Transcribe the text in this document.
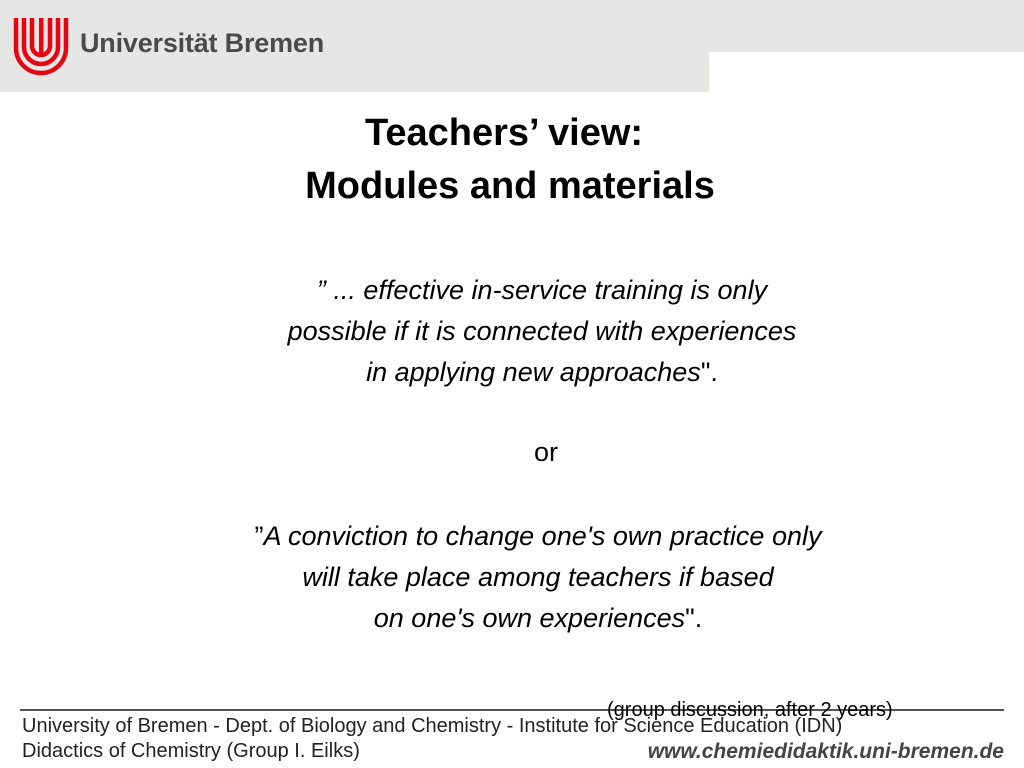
Universität Bremen
Teachers’ view:
Modules and materials
” ... effective in-service training is only
possible if it is connected with experiences
in applying new approaches".
or
”A conviction to change one's own practice only
will take place among teachers if based
on one's own experiences".
(group discussion, after 2 years)
University of Bremen - Dept. of Biology and Chemistry - Institute for Science Education (IDN)
Didactics of Chemistry (Group I. Eilks)	www.chemiedidaktik.uni-bremen.de
